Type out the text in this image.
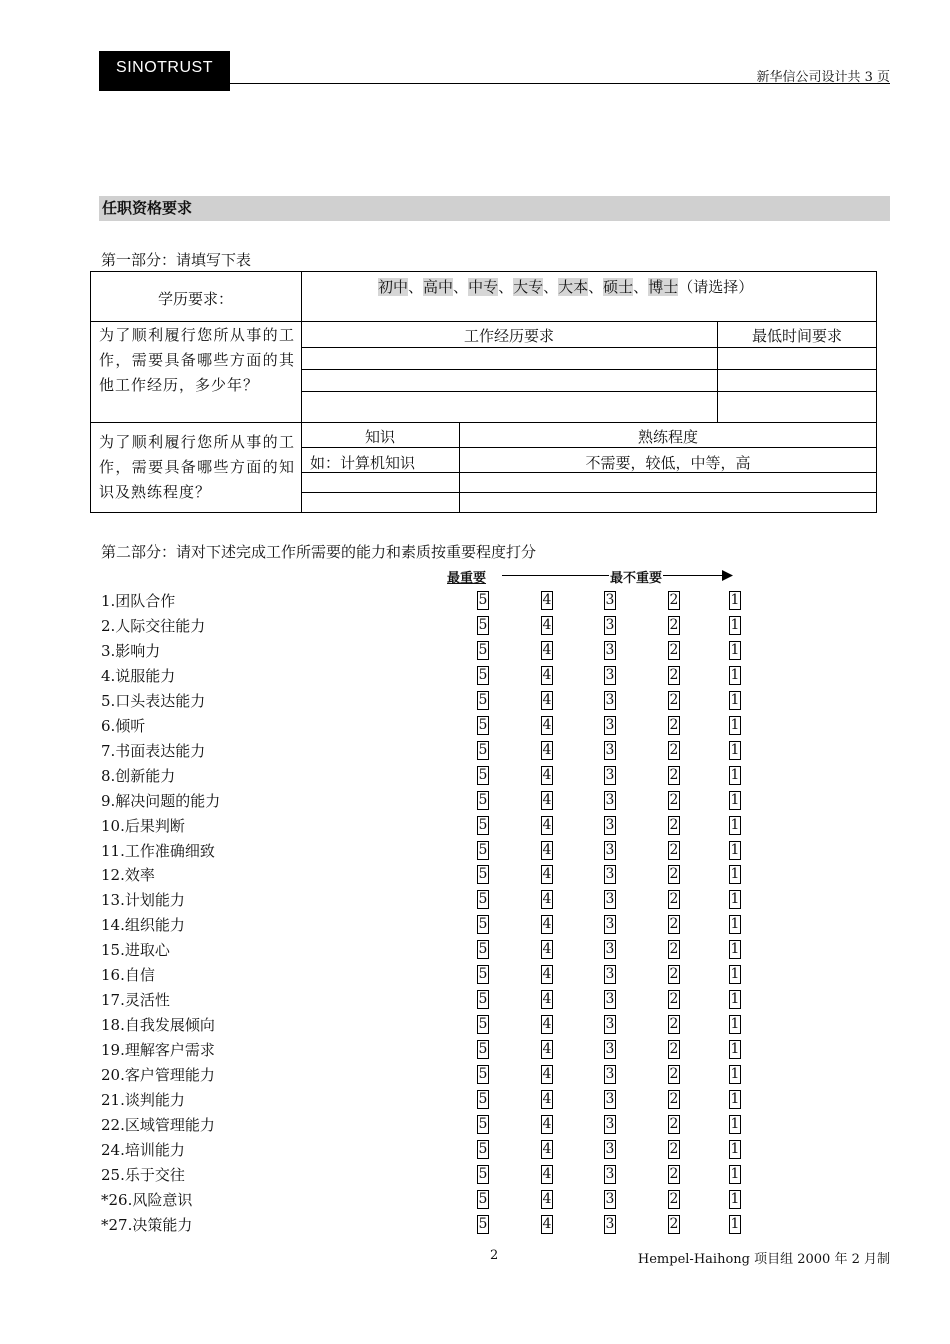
SINOTRUST
新华信公司设计共 3 页
任职资格要求
第一部分：请填写下表
学历要求：
初中、高中、中专、大专、大本、硕士、博士（请选择）
为了顺利履行您所从事的工作，需要具备哪些方面的其他工作经历，多少年？
工作经历要求	最低时间要求
为了顺利履行您所从事的工作，需要具备哪些方面的知识及熟练程度？
知识	熟练程度
如：计算机知识	不需要，较低，中等，高
第二部分：请对下述完成工作所需要的能力和素质按重要程度打分
最重要	最不重要
1.团队合作	5	4	3	2	1
2.人际交往能力	5	4	3	2	1
3.影响力	5	4	3	2	1
4.说服能力	5	4	3	2	1
5.口头表达能力	5	4	3	2	1
6.倾听	5	4	3	2	1
7.书面表达能力	5	4	3	2	1
8.创新能力	5	4	3	2	1
9.解决问题的能力	5	4	3	2	1
10.后果判断	5	4	3	2	1
11.工作准确细致	5	4	3	2	1
12.效率	5	4	3	2	1
13.计划能力	5	4	3	2	1
14.组织能力	5	4	3	2	1
15.进取心	5	4	3	2	1
16.自信	5	4	3	2	1
17.灵活性	5	4	3	2	1
18.自我发展倾向	5	4	3	2	1
19.理解客户需求	5	4	3	2	1
20.客户管理能力	5	4	3	2	1
21.谈判能力	5	4	3	2	1
22.区域管理能力	5	4	3	2	1
24.培训能力	5	4	3	2	1
25.乐于交往	5	4	3	2	1
*26.风险意识	5	4	3	2	1
*27.决策能力	5	4	3	2	1
2	Hempel-Haihong 项目组 2000 年 2 月制
